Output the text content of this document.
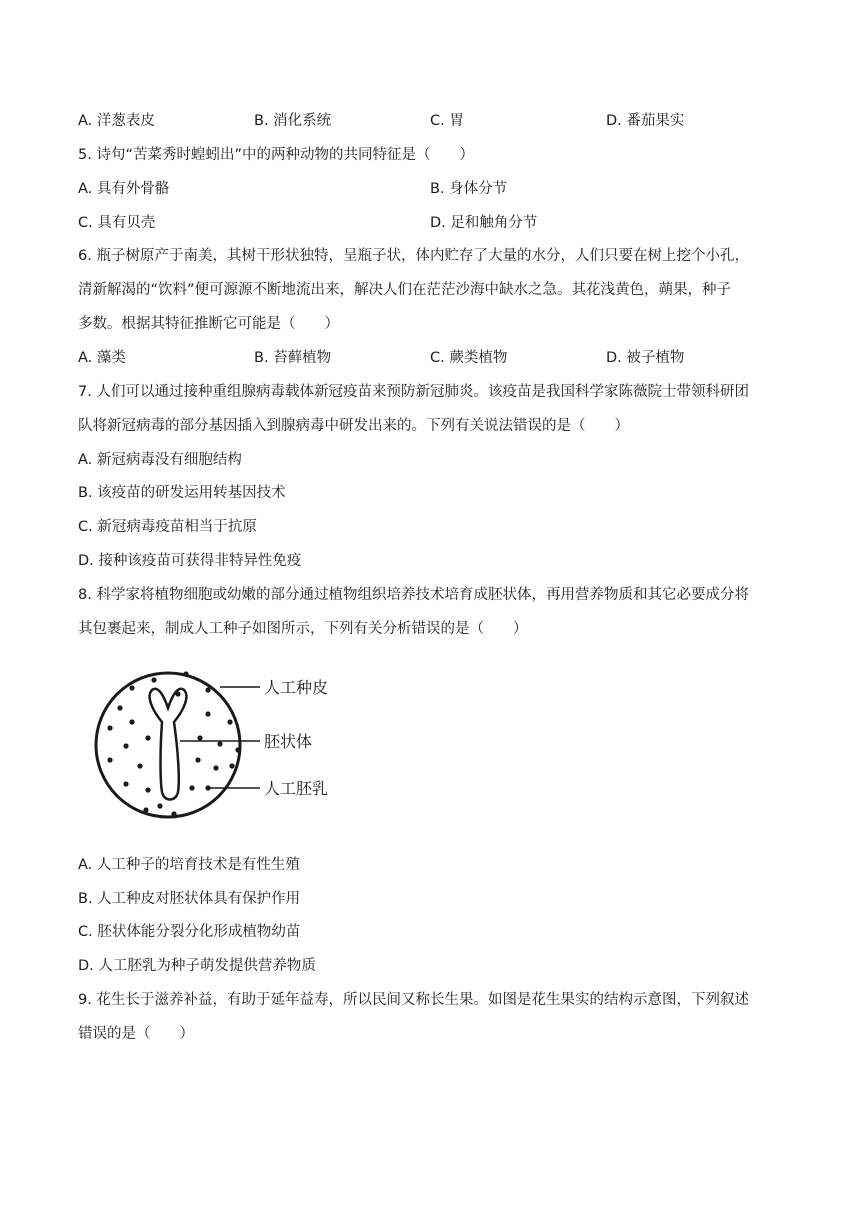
A. 洋葱表皮	B. 消化系统	C. 胃	D. 番茄果实
5. 诗句“苦菜秀时蝗蚓出”中的两种动物的共同特征是（　　）
A. 具有外骨骼	B. 身体分节
C. 具有贝壳	D. 足和触角分节
6. 瓶子树原产于南美，其树干形状独特，呈瓶子状，体内贮存了大量的水分，人们只要在树上挖个小孔，
清新解渴的“饮料”便可源源不断地流出来，解决人们在茫茫沙海中缺水之急。其花浅黄色，蒴果，种子
多数。根据其特征推断它可能是（　　）
A. 藻类	B. 苔藓植物	C. 蕨类植物	D. 被子植物
7. 人们可以通过接种重组腺病毒载体新冠疫苗来预防新冠肺炎。该疫苗是我国科学家陈薇院士带领科研团
队将新冠病毒的部分基因插入到腺病毒中研发出来的。下列有关说法错误的是（　　）
A. 新冠病毒没有细胞结构
B. 该疫苗的研发运用转基因技术
C. 新冠病毒疫苗相当于抗原
D. 接种该疫苗可获得非特异性免疫
8. 科学家将植物细胞或幼嫩的部分通过植物组织培养技术培育成胚状体，再用营养物质和其它必要成分将
其包裹起来，制成人工种子如图所示，下列有关分析错误的是（　　）
人工种皮
胚状体
人工胚乳
A. 人工种子的培育技术是有性生殖
B. 人工种皮对胚状体具有保护作用
C. 胚状体能分裂分化形成植物幼苗
D. 人工胚乳为种子萌发提供营养物质
9. 花生长于滋养补益，有助于延年益寿，所以民间又称长生果。如图是花生果实的结构示意图，下列叙述
错误的是（　　）
